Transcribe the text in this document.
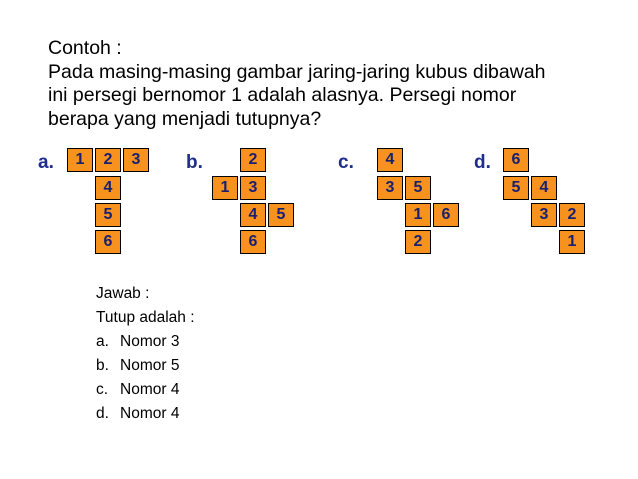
Contoh :
Pada masing-masing gambar jaring-jaring kubus dibawah
ini persegi bernomor 1 adalah alasnya. Persegi nomor
berapa yang menjadi tutupnya?
a.	1	2	3
4
5
6
b.	2
1	3
4	5
6
c.	4
3	5
1	6
2
d.	6
5	4
3	2
1
Jawab :
Tutup adalah :
a. Nomor 3
b. Nomor 5
c. Nomor 4
d. Nomor 4
